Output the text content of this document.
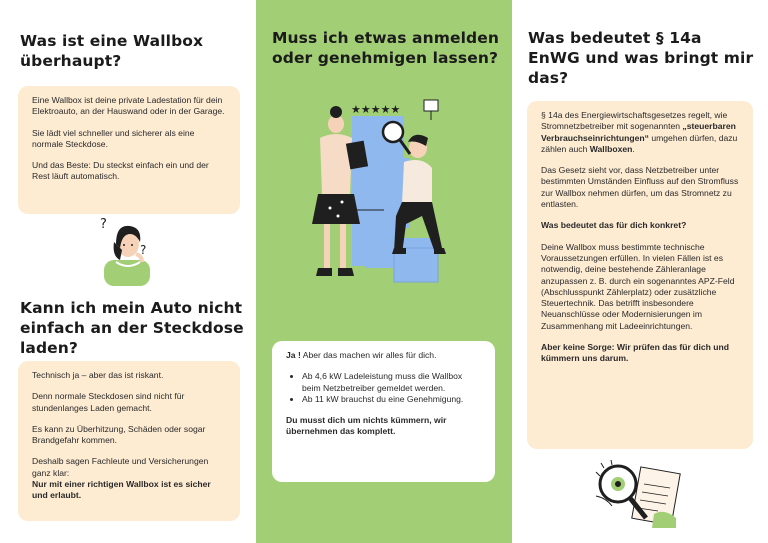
Was ist eine Wallbox überhaupt?

Eine Wallbox ist deine private Ladestation für dein Elektroauto, an der Hauswand oder in der Garage.

Sie lädt viel schneller und sicherer als eine normale Steckdose.

Und das Beste: Du steckst einfach ein und der Rest läuft automatisch.

?
?
Kann ich mein Auto nicht einfach an der Steckdose laden?

Technisch ja – aber das ist riskant.

Denn normale Steckdosen sind nicht für stundenlanges Laden gemacht.

Es kann zu Überhitzung, Schäden oder sogar Brandgefahr kommen.

Deshalb sagen Fachleute und Versicherungen ganz klar:
Nur mit einer richtigen Wallbox ist es sicher und erlaubt.

Muss ich etwas anmelden oder genehmigen lassen?
★★★★★

Ja ! Aber das machen wir alles für dich.

• Ab 4,6 kW Ladeleistung muss die Wallbox beim Netzbetreiber gemeldet werden.
• Ab 11 kW brauchst du eine Genehmigung.

Du musst dich um nichts kümmern, wir übernehmen das komplett.

Was bedeutet § 14a EnWG und was bringt mir das?

§ 14a des Energiewirtschaftsgesetzes regelt, wie Stromnetzbetreiber mit sogenannten „steuerbaren Verbrauchseinrichtungen“ umgehen dürfen, dazu zählen auch Wallboxen.

Das Gesetz sieht vor, dass Netzbetreiber unter bestimmten Umständen Einfluss auf den Stromfluss zur Wallbox nehmen dürfen, um das Stromnetz zu entlasten.

Was bedeutet das für dich konkret?

Deine Wallbox muss bestimmte technische Voraussetzungen erfüllen. In vielen Fällen ist es notwendig, deine bestehende Zähleranlage anzupassen z. B. durch ein sogenanntes APZ-Feld (Abschlusspunkt Zählerplatz) oder zusätzliche Steuertechnik. Das betrifft insbesondere Neuanschlüsse oder Modernisierungen im Zusammenhang mit Ladeeinrichtungen.

Aber keine Sorge: Wir prüfen das für dich und kümmern uns darum.
